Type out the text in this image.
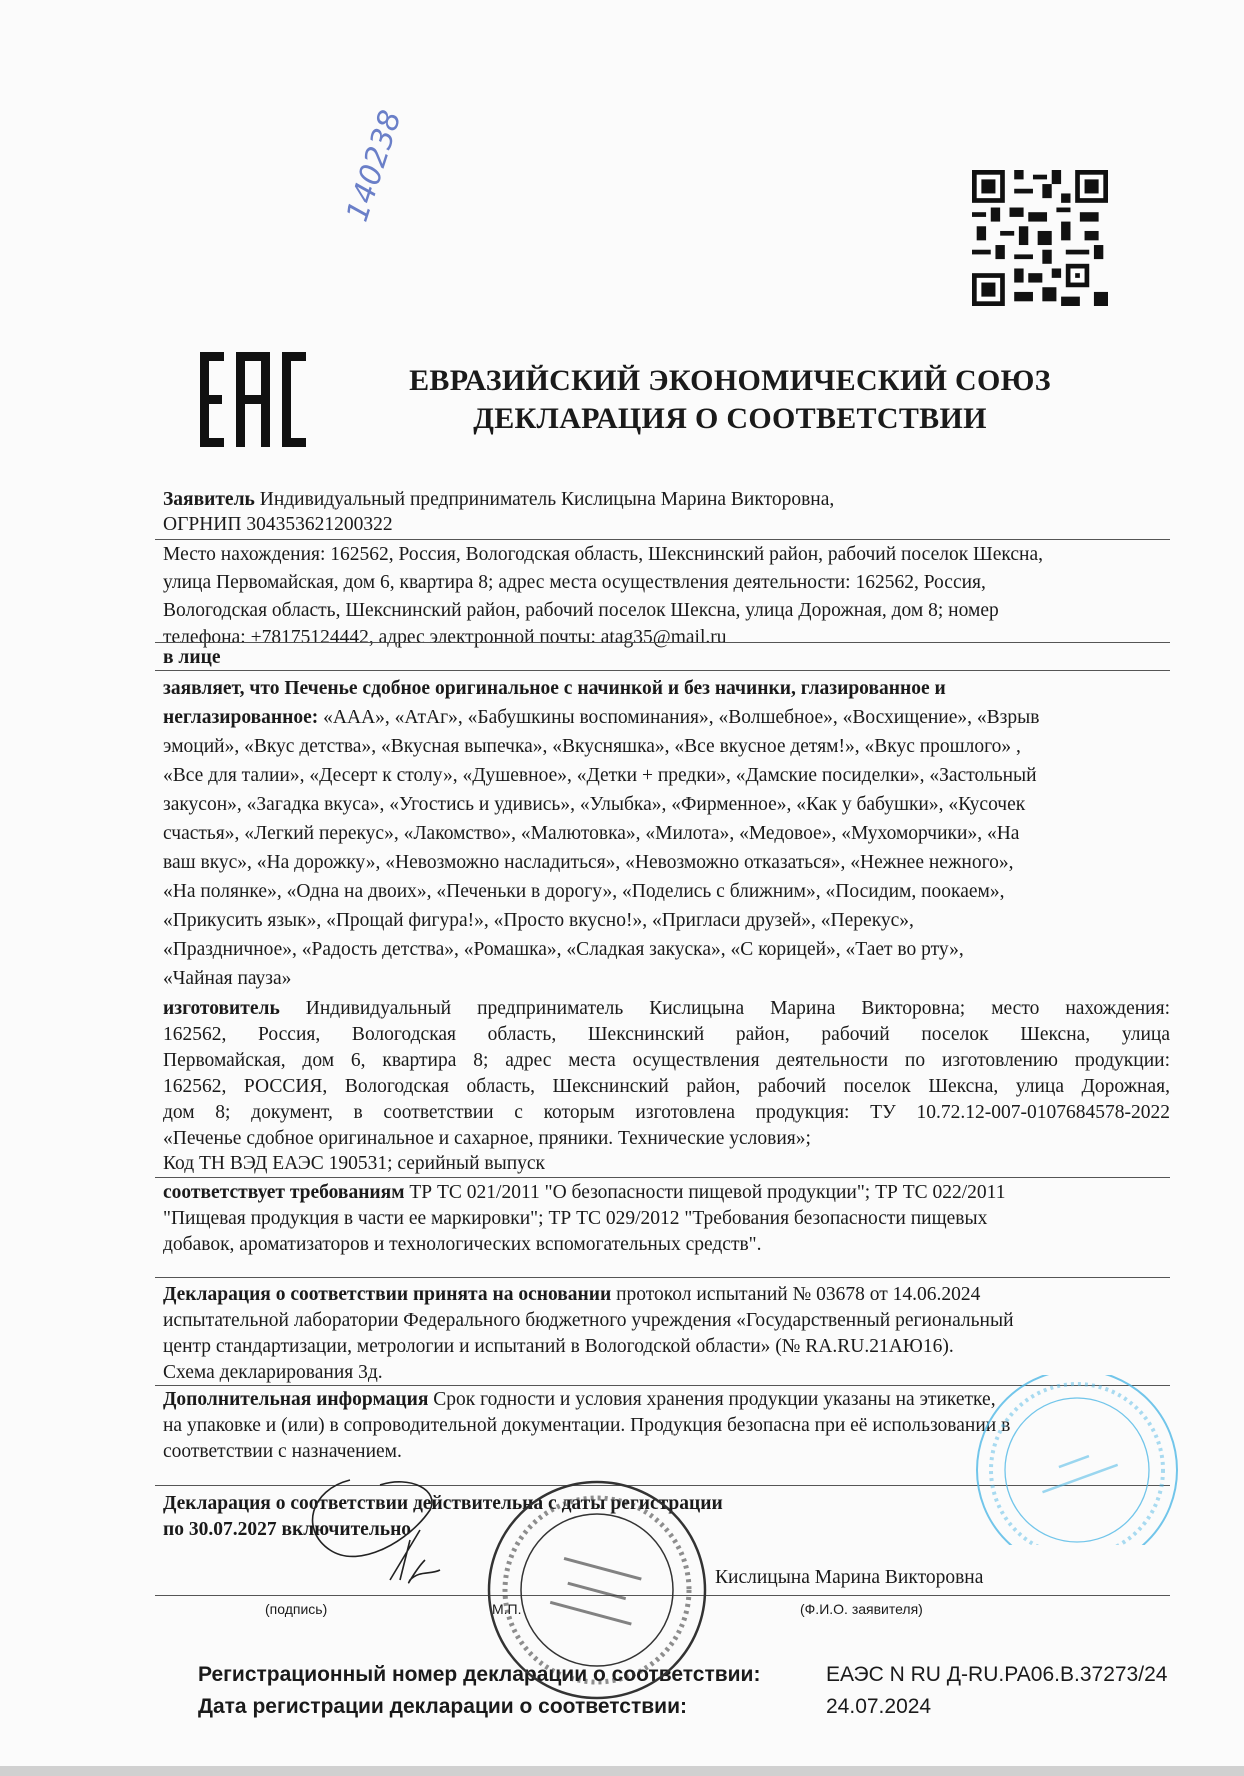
140238
ЕВРАЗИЙСКИЙ ЭКОНОМИЧЕСКИЙ СОЮЗ
ДЕКЛАРАЦИЯ О СООТВЕТСТВИИ
Заявитель Индивидуальный предприниматель Кислицына Марина Викторовна,
ОГРНИП 304353621200322
Место нахождения: 162562, Россия, Вологодская область, Шекснинский район, рабочий поселок Шексна,
улица Первомайская, дом 6, квартира 8; адрес места осуществления деятельности: 162562, Россия,
Вологодская область, Шекснинский район, рабочий поселок Шексна, улица Дорожная, дом 8; номер
телефона: +78175124442, адрес электронной почты: atag35@mail.ru
в лице
заявляет, что Печенье сдобное оригинальное с начинкой и без начинки, глазированное и
неглазированное: «ААА», «АтАг», «Бабушкины воспоминания», «Волшебное», «Восхищение», «Взрыв
эмоций», «Вкус детства», «Вкусная выпечка», «Вкусняшка», «Все вкусное детям!», «Вкус прошлого» ,
«Все для талии», «Десерт к столу», «Душевное», «Детки + предки», «Дамские посиделки», «Застольный
закусон», «Загадка вкуса», «Угостись и удивись», «Улыбка», «Фирменное», «Как у бабушки», «Кусочек
счастья», «Легкий перекус», «Лакомство», «Малютовка», «Милота», «Медовое», «Мухоморчики», «На
ваш вкус», «На дорожку», «Невозможно насладиться», «Невозможно отказаться», «Нежнее нежного»,
«На полянке», «Одна на двоих», «Печеньки в дорогу», «Поделись с ближним», «Посидим, поокаем»,
«Прикусить язык», «Прощай фигура!», «Просто вкусно!», «Пригласи друзей», «Перекус»,
«Праздничное», «Радость детства», «Ромашка», «Сладкая закуска», «С корицей», «Тает во рту»,
«Чайная пауза»
изготовитель Индивидуальный предприниматель Кислицына Марина Викторовна; место нахождения:
162562, Россия, Вологодская область, Шекснинский район, рабочий поселок Шексна, улица
Первомайская, дом 6, квартира 8; адрес места осуществления деятельности по изготовлению продукции:
162562, РОССИЯ, Вологодская область, Шекснинский район, рабочий поселок Шексна, улица Дорожная,
дом 8; документ, в соответствии с которым изготовлена продукция: ТУ 10.72.12-007-0107684578-2022
«Печенье сдобное оригинальное и сахарное, пряники. Технические условия»;
Код ТН ВЭД ЕАЭС 190531; серийный выпуск
соответствует требованиям ТР ТС 021/2011 "О безопасности пищевой продукции"; ТР ТС 022/2011
"Пищевая продукция в части ее маркировки"; ТР ТС 029/2012 "Требования безопасности пищевых
добавок, ароматизаторов и технологических вспомогательных средств".
Декларация о соответствии принята на основании протокол испытаний № 03678 от 14.06.2024
испытательной лаборатории Федерального бюджетного учреждения «Государственный региональный
центр стандартизации, метрологии и испытаний в Вологодской области» (№ RA.RU.21АЮ16).
Схема декларирования 3д.
Дополнительная информация Срок годности и условия хранения продукции указаны на этикетке,
на упаковке и (или) в сопроводительной документации. Продукция безопасна при её использовании в
соответствии с назначением.
Декларация о соответствии действительна с даты регистрации
по 30.07.2027 включительно
Кислицына Марина Викторовна
(подпись)	М.П.	(Ф.И.О. заявителя)
Регистрационный номер декларации о соответствии:	ЕАЭС N RU Д-RU.РА06.В.37273/24
Дата регистрации декларации о соответствии:	24.07.2024
